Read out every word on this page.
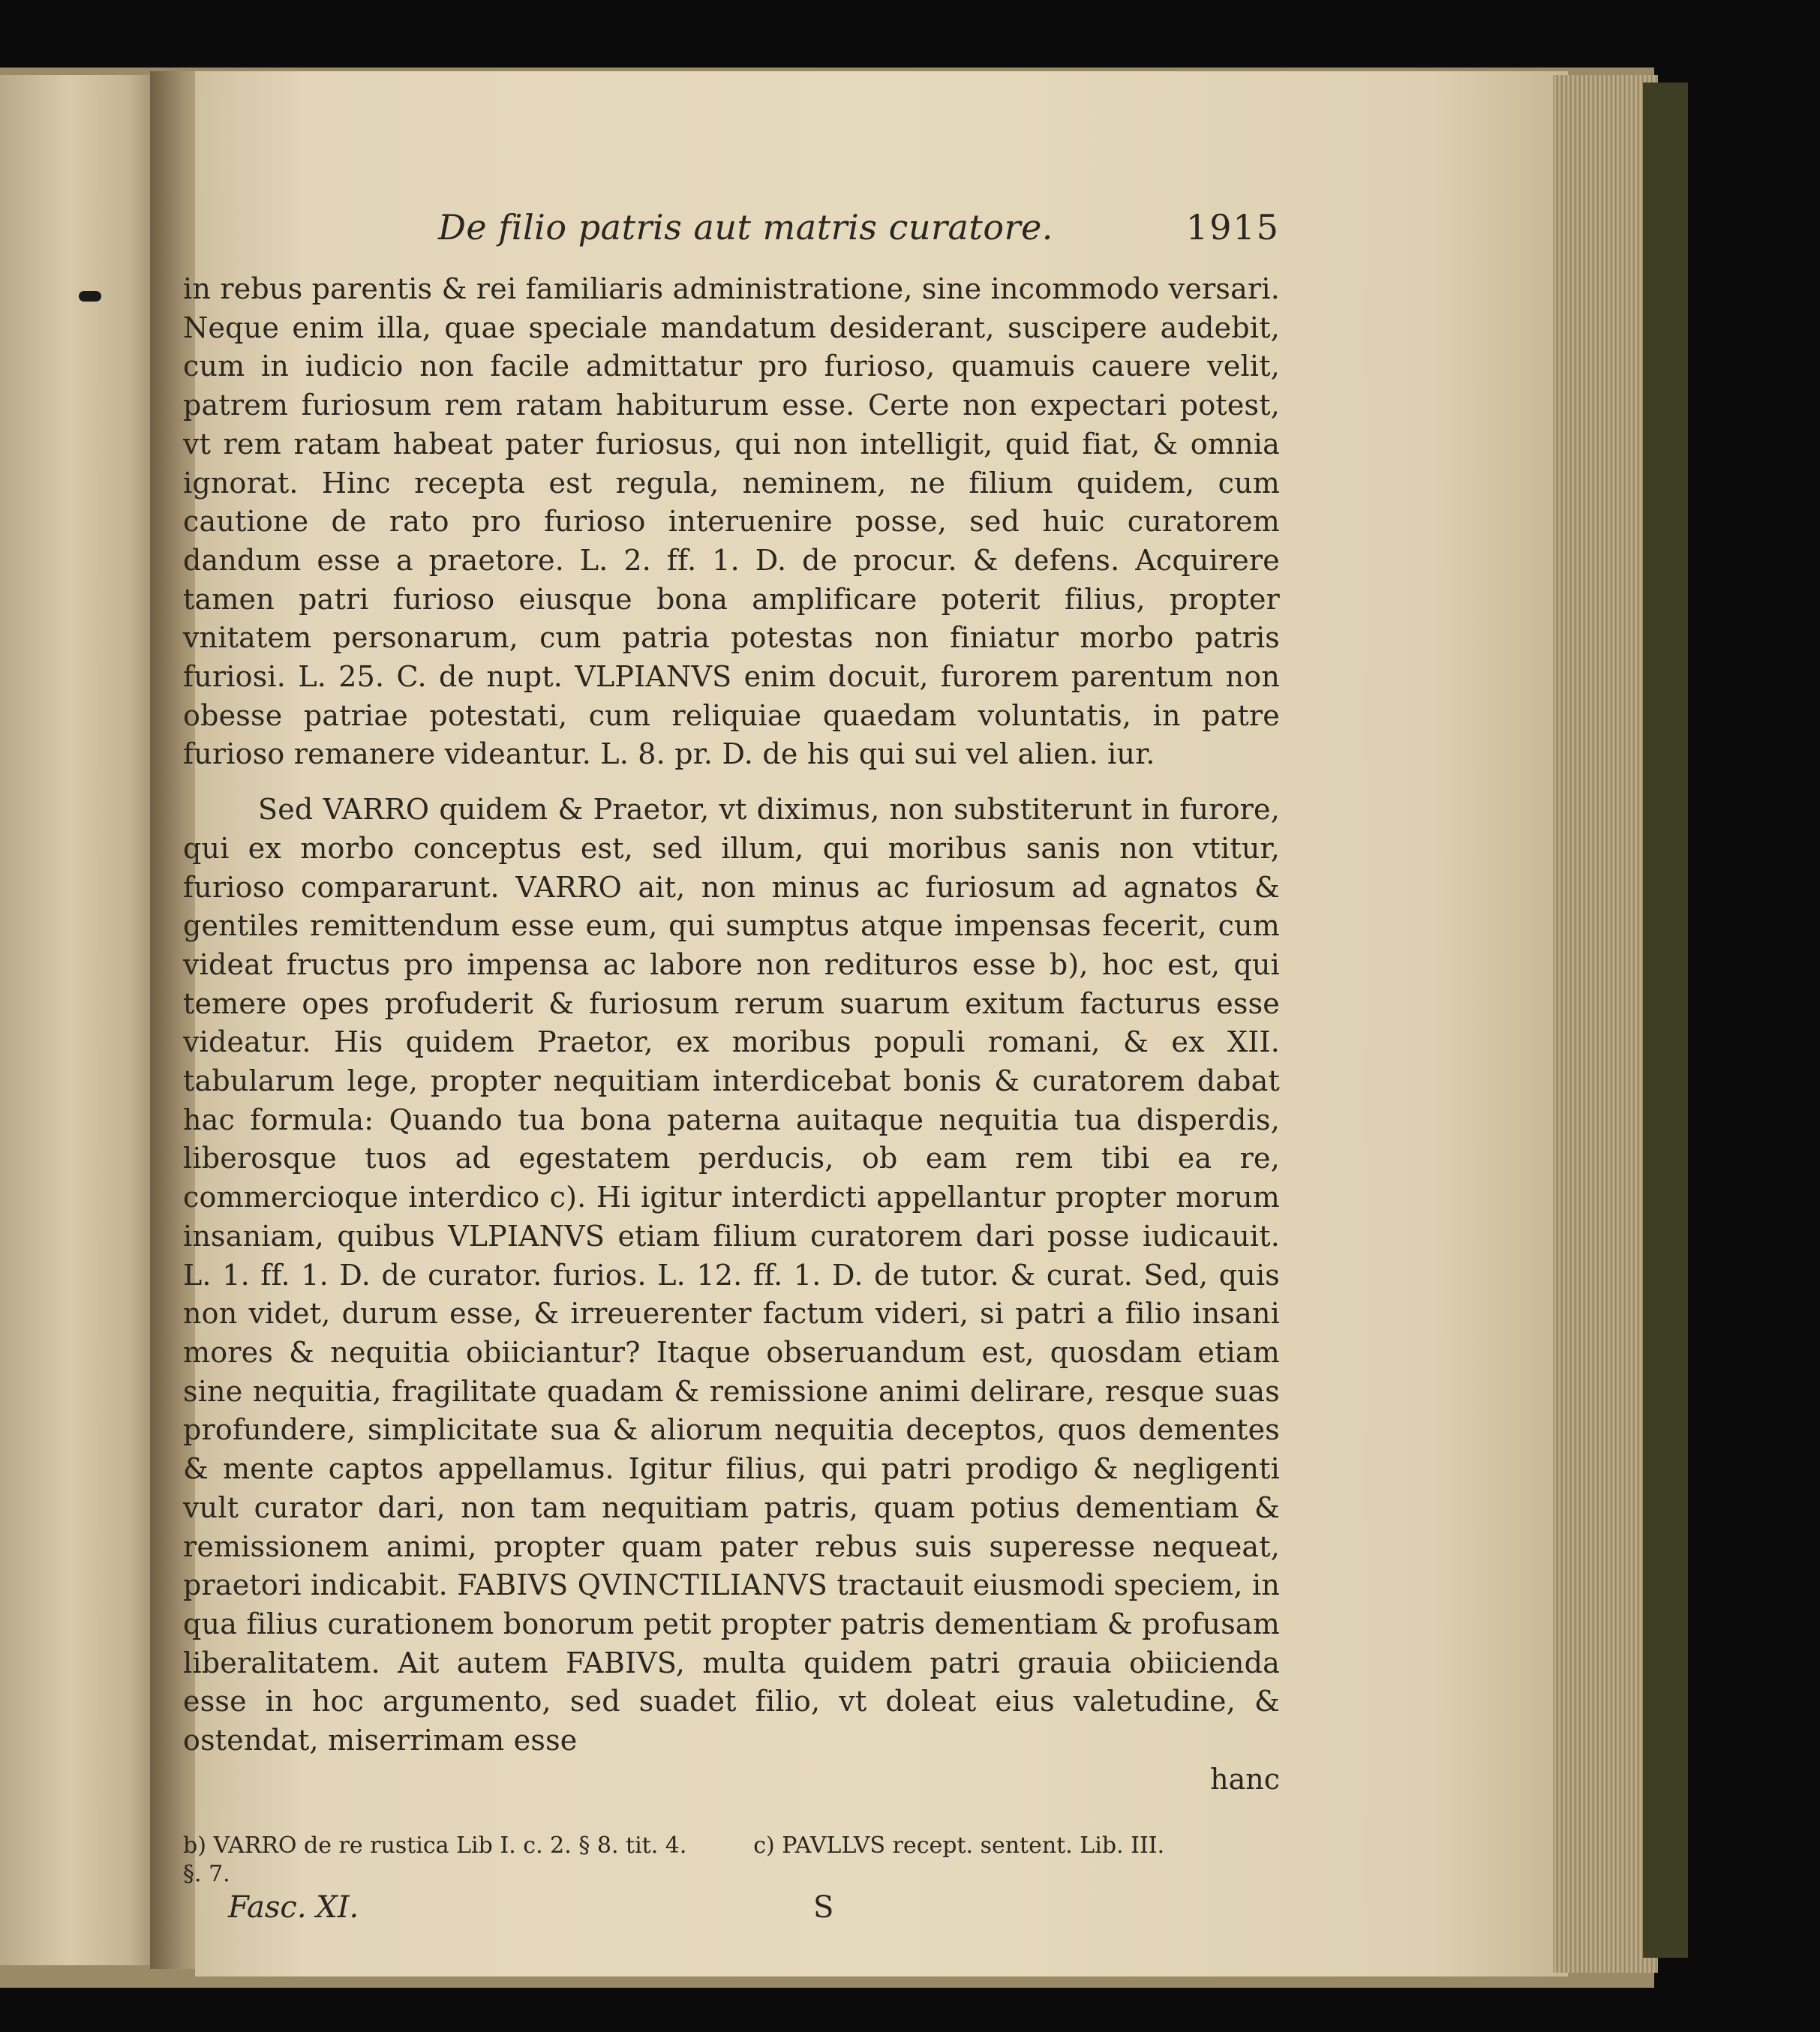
De filio patris aut matris curatore.	1915

in rebus parentis & rei familiaris administratione, sine incommodo versari. Neque enim illa, quae speciale mandatum desiderant, suscipere audebit, cum in iudicio non facile admittatur pro furioso, quamuis cauere velit, patrem furiosum rem ratam habiturum esse. Certe non expectari potest, vt rem ratam habeat pater furiosus, qui non intelligit, quid fiat, & omnia ignorat. Hinc recepta est regula, neminem, ne filium quidem, cum cautione de rato pro furioso interuenire posse, sed huic curatorem dandum esse a praetore. L. 2. ff. 1. D. de procur. & defens. Acquirere tamen patri furioso eiusque bona amplificare poterit filius, propter vnitatem personarum, cum patria potestas non finiatur morbo patris furiosi. L. 25. C. de nupt. VLPIANVS enim docuit, furorem parentum non obesse patriae potestati, cum reliquiae quaedam voluntatis, in patre furioso remanere videantur. L. 8. pr. D. de his qui sui vel alien. iur.

Sed VARRO quidem & Praetor, vt diximus, non substiterunt in furore, qui ex morbo conceptus est, sed illum, qui moribus sanis non vtitur, furioso compararunt. VARRO ait, non minus ac furiosum ad agnatos & gentiles remittendum esse eum, qui sumptus atque impensas fecerit, cum videat fructus pro impensa ac labore non redituros esse b), hoc est, qui temere opes profuderit & furiosum rerum suarum exitum facturus esse videatur. His quidem Praetor, ex moribus populi romani, & ex XII. tabularum lege, propter nequitiam interdicebat bonis & curatorem dabat hac formula: Quando tua bona paterna auitaque nequitia tua disperdis, liberosque tuos ad egestatem perducis, ob eam rem tibi ea re, commercioque interdico c). Hi igitur interdicti appellantur propter morum insaniam, quibus VLPIANVS etiam filium curatorem dari posse iudicauit. L. 1. ff. 1. D. de curator. furios. L. 12. ff. 1. D. de tutor. & curat. Sed, quis non videt, durum esse, & irreuerenter factum videri, si patri a filio insani mores & nequitia obiiciantur? Itaque obseruandum est, quosdam etiam sine nequitia, fragilitate quadam & remissione animi delirare, resque suas profundere, simplicitate sua & aliorum nequitia deceptos, quos dementes & mente captos appellamus. Igitur filius, qui patri prodigo & negligenti vult curator dari, non tam nequitiam patris, quam potius dementiam & remissionem animi, propter quam pater rebus suis superesse nequeat, praetori indicabit. FABIVS QVINCTILIANVS tractauit eiusmodi speciem, in qua filius curationem bonorum petit propter patris dementiam & profusam liberalitatem. Ait autem FABIVS, multa quidem patri grauia obiicienda esse in hoc argumento, sed suadet filio, vt doleat eius valetudine, & ostendat, miserrimam esse

hanc

b) VARRO de re rustica Lib I. c. 2. § 8. tit. 4. §. 7.
c) PAVLLVS recept. sentent. Lib. III.
Fasc. XI.	S
